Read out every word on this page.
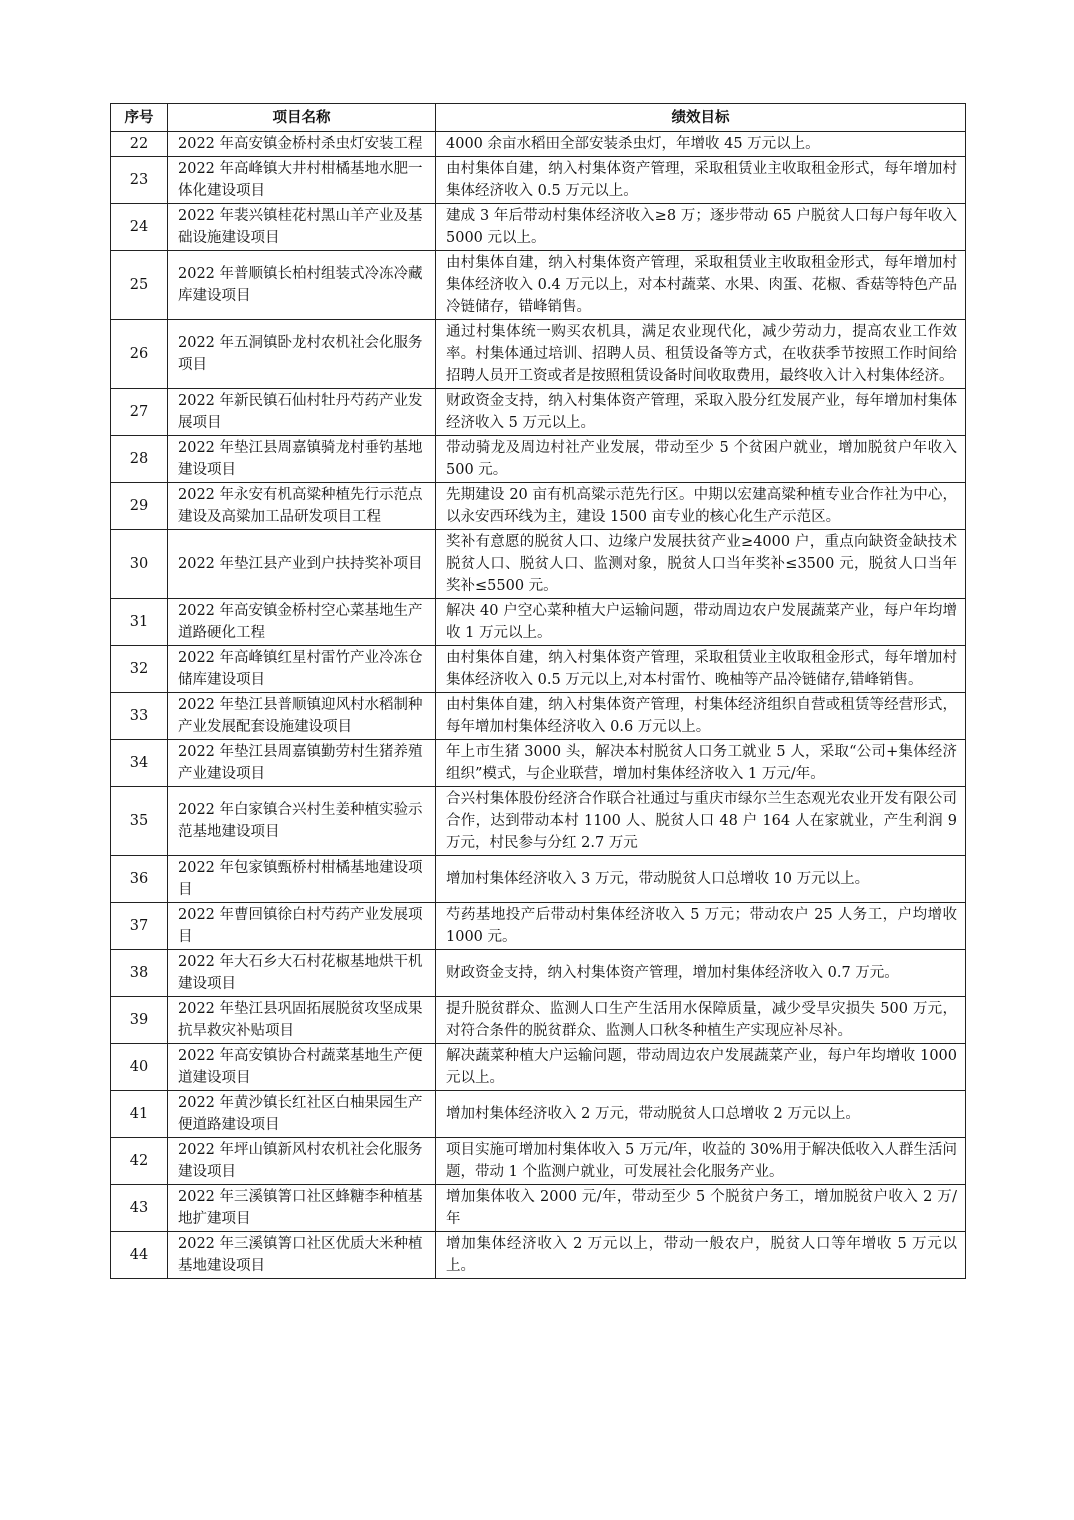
序号	项目名称	绩效目标
22	2022 年高安镇金桥村杀虫灯安装工程	4000 余亩水稻田全部安装杀虫灯，年增收 45 万元以上。
23	2022 年高峰镇大井村柑橘基地水肥一体化建设项目	由村集体自建，纳入村集体资产管理，采取租赁业主收取租金形式，每年增加村集体经济收入 0.5 万元以上。
24	2022 年裴兴镇桂花村黑山羊产业及基础设施建设项目	建成 3 年后带动村集体经济收入≥8 万；逐步带动 65 户脱贫人口每户每年收入 5000 元以上。
25	2022 年普顺镇长柏村组装式冷冻冷藏库建设项目	由村集体自建，纳入村集体资产管理，采取租赁业主收取租金形式，每年增加村集体经济收入 0.4 万元以上，对本村蔬菜、水果、肉蛋、花椒、香菇等特色产品冷链储存，错峰销售。
26	2022 年五洞镇卧龙村农机社会化服务项目	通过村集体统一购买农机具，满足农业现代化，减少劳动力，提高农业工作效率。村集体通过培训、招聘人员、租赁设备等方式，在收获季节按照工作时间给招聘人员开工资或者是按照租赁设备时间收取费用，最终收入计入村集体经济。
27	2022 年新民镇石仙村牡丹芍药产业发展项目	财政资金支持，纳入村集体资产管理，采取入股分红发展产业，每年增加村集体经济收入 5 万元以上。
28	2022 年垫江县周嘉镇骑龙村垂钓基地建设项目	带动骑龙及周边村社产业发展，带动至少 5 个贫困户就业，增加脱贫户年收入 500 元。
29	2022 年永安有机高粱种植先行示范点建设及高粱加工品研发项目工程	先期建设 20 亩有机高粱示范先行区。中期以宏建高粱种植专业合作社为中心，以永安西环线为主，建设 1500 亩专业的核心化生产示范区。
30	2022 年垫江县产业到户扶持奖补项目	奖补有意愿的脱贫人口、边缘户发展扶贫产业≥4000 户，重点向缺资金缺技术脱贫人口、脱贫人口、监测对象，脱贫人口当年奖补≤3500 元，脱贫人口当年奖补≤5500 元。
31	2022 年高安镇金桥村空心菜基地生产道路硬化工程	解决 40 户空心菜种植大户运输问题，带动周边农户发展蔬菜产业，每户年均增收 1 万元以上。
32	2022 年高峰镇红星村雷竹产业冷冻仓储库建设项目	由村集体自建，纳入村集体资产管理，采取租赁业主收取租金形式，每年增加村集体经济收入 0.5 万元以上,对本村雷竹、晚柚等产品冷链储存,错峰销售。
33	2022 年垫江县普顺镇迎风村水稻制种产业发展配套设施建设项目	由村集体自建，纳入村集体资产管理，村集体经济组织自营或租赁等经营形式，每年增加村集体经济收入 0.6 万元以上。
34	2022 年垫江县周嘉镇勤劳村生猪养殖产业建设项目	年上市生猪 3000 头，解决本村脱贫人口务工就业 5 人，采取“公司+集体经济组织”模式，与企业联营，增加村集体经济收入 1 万元/年。
35	2022 年白家镇合兴村生姜种植实验示范基地建设项目	合兴村集体股份经济合作联合社通过与重庆市绿尔兰生态观光农业开发有限公司合作，达到带动本村 1100 人、脱贫人口 48 户 164 人在家就业，产生利润 9 万元，村民参与分红 2.7 万元
36	2022 年包家镇甄桥村柑橘基地建设项目	增加村集体经济收入 3 万元，带动脱贫人口总增收 10 万元以上。
37	2022 年曹回镇徐白村芍药产业发展项目	芍药基地投产后带动村集体经济收入 5 万元；带动农户 25 人务工，户均增收 1000 元。
38	2022 年大石乡大石村花椒基地烘干机建设项目	财政资金支持，纳入村集体资产管理，增加村集体经济收入 0.7 万元。
39	2022 年垫江县巩固拓展脱贫攻坚成果抗旱救灾补贴项目	提升脱贫群众、监测人口生产生活用水保障质量，减少受旱灾损失 500 万元，对符合条件的脱贫群众、监测人口秋冬种植生产实现应补尽补。
40	2022 年高安镇协合村蔬菜基地生产便道建设项目	解决蔬菜种植大户运输问题，带动周边农户发展蔬菜产业，每户年均增收 1000 元以上。
41	2022 年黄沙镇长红社区白柚果园生产便道路建设项目	增加村集体经济收入 2 万元，带动脱贫人口总增收 2 万元以上。
42	2022 年坪山镇新风村农机社会化服务建设项目	项目实施可增加村集体收入 5 万元/年，收益的 30%用于解决低收入人群生活问题，带动 1 个监测户就业，可发展社会化服务产业。
43	2022 年三溪镇箐口社区蜂糖李种植基地扩建项目	增加集体收入 2000 元/年，带动至少 5 个脱贫户务工，增加脱贫户收入 2 万/年
44	2022 年三溪镇箐口社区优质大米种植基地建设项目	增加集体经济收入 2 万元以上，带动一般农户，脱贫人口等年增收 5 万元以上。
